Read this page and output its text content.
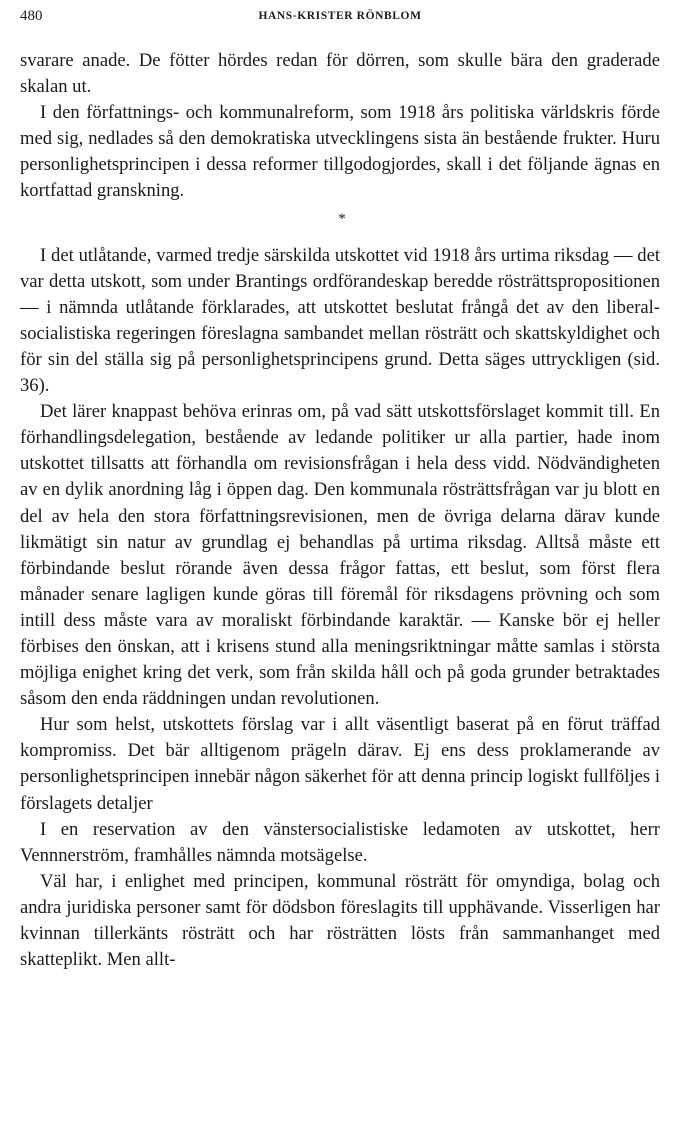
480	HANS-KRISTER RÖNBLOM

svarare anade. De fötter hördes redan för dörren, som skulle bära den graderade skalan ut.

I den författnings- och kommunalreform, som 1918 års politiska världskris förde med sig, nedlades så den demokratiska utvecklingens sista än bestående frukter. Huru personlighetsprincipen i dessa reformer tillgodogjordes, skall i det följande ägnas en kortfattad granskning.

*

I det utlåtande, varmed tredje särskilda utskottet vid 1918 års urtima riksdag — det var detta utskott, som under Brantings ordförandeskap beredde rösträttspropositionen — i nämnda utlåtande förklarades, att utskottet beslutat frångå det av den liberal-socialistiska regeringen föreslagna sambandet mellan rösträtt och skattskyldighet och för sin del ställa sig på personlighetsprincipens grund. Detta säges uttryckligen (sid. 36).

Det lärer knappast behöva erinras om, på vad sätt utskottsförslaget kommit till. En förhandlingsdelegation, bestående av ledande politiker ur alla partier, hade inom utskottet tillsatts att förhandla om revisionsfrågan i hela dess vidd. Nödvändigheten av en dylik anordning låg i öppen dag. Den kommunala rösträttsfrågan var ju blott en del av hela den stora författningsrevisionen, men de övriga delarna därav kunde likmätigt sin natur av grundlag ej behandlas på urtima riksdag. Alltså måste ett förbindande beslut rörande även dessa frågor fattas, ett beslut, som först flera månader senare lagligen kunde göras till föremål för riksdagens prövning och som intill dess måste vara av moraliskt förbindande karaktär. — Kanske bör ej heller förbises den önskan, att i krisens stund alla meningsriktningar måtte samlas i största möjliga enighet kring det verk, som från skilda håll och på goda grunder betraktades såsom den enda räddningen undan revolutionen.

Hur som helst, utskottets förslag var i allt väsentligt baserat på en förut träffad kompromiss. Det bär alltigenom prägeln därav. Ej ens dess proklamerande av personlighetsprincipen innebär någon säkerhet för att denna princip logiskt fullföljes i förslagets detaljer

I en reservation av den vänstersocialistiske ledamoten av utskottet, herr Vennnerström, framhålles nämnda motsägelse.

Väl har, i enlighet med principen, kommunal rösträtt för omyndiga, bolag och andra juridiska personer samt för dödsbon föreslagits till upphävande. Visserligen har kvinnan tillerkänts rösträtt och har rösträtten lösts från sammanhanget med skatteplikt. Men allt-
